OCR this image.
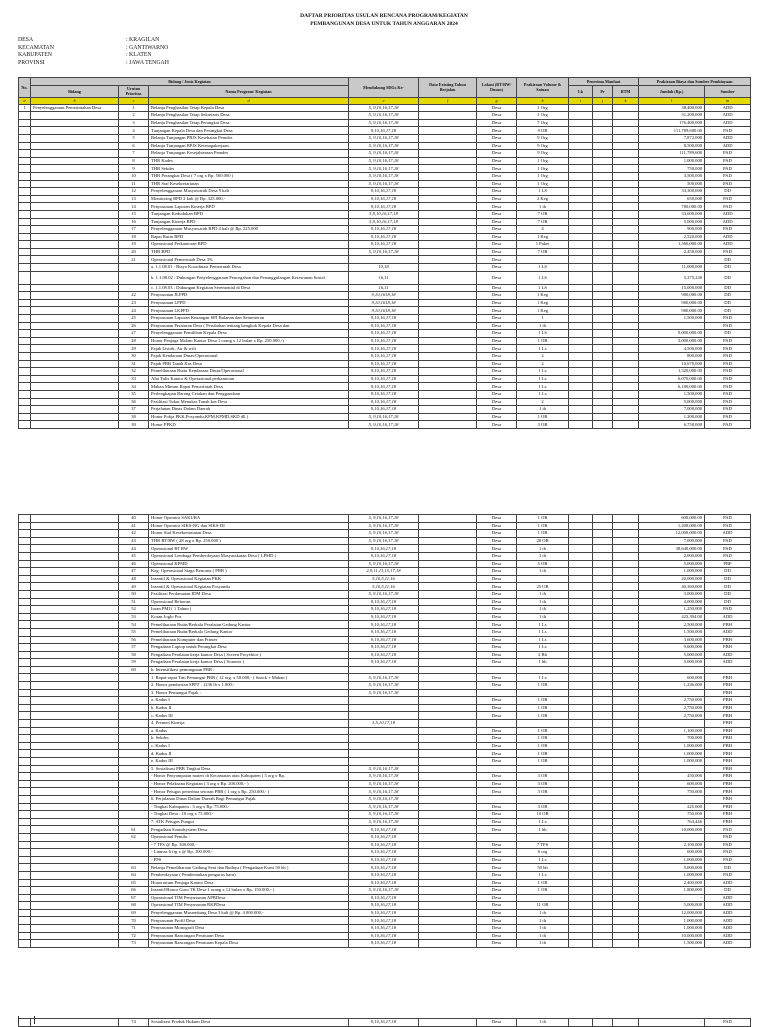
DAFTAR PRIORITAS USULAN RENCANA PROGRAM/KEGIATAN
PEMBANGUNAN DESA UNTUK TAHUN ANGGARAN 2024
DESA	: KRAGILAN
KECAMATAN	: GANTIWARNO
KABUPATEN	: KLATEN
PROVINSI	: JAWA TENGAH
No.	Bidang / Jenis Kegiatan			Mendukung SDGs Ke-	Data Existing Tahun Berjalan	Lokasi (RT/RW/ Dusun)	Prakiraan Volume & Satuan	Penerima Manfaat			Prakiraan Biaya dan Sumber Pembiayaan	
	Bidang	Urutan Prioritas	Nama Program/ Kegiatan					Lk	Pr	RTM	Jumlah (Rp.)	Sumber

a	b	c	d	e	f	g	h	i	j	k	l	m
1	Penyelenggaraan Pemerintahan Desa	1	Belanja Penghasilan Tetap Kepala Desa	5, 9,10,16,17,18		Desa	1 Org				38,400,000	ADD
		2	Belanja Penghasilan Tetap Sekretaris Desa	5, 9,10,16,17,18		Desa	1 Org				31,200,000	ADD
		3	Belanja Penghasilan Tetap Perangkat Desa	5, 9,10,16,17,18		Desa	7 Org				176,400,000	ADD
		4	Tunjangan Kepala Desa dan Perangkat Desa	9,10,16,17,18		Desa	9 OB				111,789,600.00	PAD
		5	Belanja Tunjangan PBJS Kesehatan Pemdes	5, 9,10,16,17,18		Desa	9 Org				7,872,000	ADD
		6	Belanja Tunjangan BPJS Ketenagakerjaan	5, 9,10,16,17,18		Desa	9 Org				8,500,000	ADD
		7	Belanja Tunjangan Kesejahteraan Pemdes	5, 9,10,16,17,18		Desa	9 Org				111,789,600	PAD
		8	THR Kades	5, 9,10,16,17,18		Desa	1 Org				1,000,000	PAD
		9	THR Sekdes	5, 9,10,16,17,18		Desa	1 Org				750,000	PAD
		10	THR Perangkat Desa ( 7 org x Rp. 500.000 )	5, 9,10,16,17,18		Desa	1 Org				3,500,000	PAD
		11	THR Staf Kesekretariatan	5, 9,10,16,17,18		Desa	1 Org				500,000	PAD
		12	Penyelenggaraan Musyawarah Desa 9 kali	9,10,16,17,18		Desa	1 LS				33,300,000	DD
		13	Monitoring BPD 2 kali @ Rp. 325.000,-	9,10,16,17,18		Desa	2 Keg				650,000	PAD
		14	Penyusunan Laporan Kinerja BPD	9,10,16,17,18		Desa	1 th				700,000.00	PAD
		15	Tunjangan Kedudukan BPD	5,9,10,16,17,18		Desa	7 OB				33,600,000	ADD
		16	Tunjangan Kinerja BPD	5,9,10,16,17,18		Desa	7 OB				5,000,000	ADD
		17	Penyelenggaraan Musyawarah BPD 4 kali @ Rp. 225.000	9,10,16,17,18		Desa	4				900,000	PAD
		18	Rapat Rutin BPD	9,10,16,17,18		Desa	1 Keg				2,520,000	ADD
		19	Operasional Perkantoran BPD	9,10,16,17,18		Desa	1 Paket				1,560,000.00	ADD
		20	THR BPD	5, 9,10,16,17,18		Desa	7 OB				2,450,000	PAD
		21	Operasional Pemerintah Desa 3%			Desa						DD
			a. 1.1.08.01 : Biaya Koordinasi Pemerintah Desa	10,18		Desa	1 LS				11,000,000	DD
			b. 1.1.08.02 : Dukungan Penyelenggaraan Pencegahan dan Penanggulangan Kerawanan Sosial	16,11		Desa	1 LS				5,275,240	DD
			c. 1.1.08.03 : Dukungan Kegiatan Seremonial di Desa	16,11		Desa	1 LS				15,000,000	DD
		22	Penyusunan JLPPD	9,10,1618,18		Desa	1 Keg				900,000.00	DD
		23	Penyusunan LPPD	9,10,1618,18		Desa	1 Keg				900,000.00	DD
		24	Penyusunan LKPPD	9,10,1618,18		Desa	1 Keg				900,000.00	DD
		25	Penyusunan Laporan Keuangan SPJ Bulanan dan Semesteran	9,10,16,17,18		Desa	1				1,500,000	PAD
		26	Penyusunan Peraturan Desa ( Perubahan tentang bengkok Kepala Desa dan	9,10,16,17,18		Desa	1 th				-	PAD
		27	Penyelenggaraan Pemilihan Kepala Desa	9,10,16,17,18		Desa	1 LS				9,000,000.00	DD
		28	Honor Penjaga Malam Kantor Desa 1 orang x 12 bulan x Rp. 250.000,-)	9,10,16,17,18		Desa	1 OB				3,000,000.00	PAD
		29	Pajak Listrik, Air & wifi	9,10,16,17,18		Desa	1 Ls				4,500,000	PAD
		30	Pajak Kendaraan Dinas/Operasional	9,10,16,17,18		Desa	2				800,000	PAD
		31	Pajak PBB Tanah Kas Desa	9,10,16,17,18		Desa	2				10,670,000	PAD
		32	Pemeliharaan Rutin Kendaraan Dinas/Operasional	9,10,16,17,18		Desa	1 Ls				1,320,000.00	PAD
		33	Alat Tulis Kantor & Operasional perkantoran	9,10,16,17,18		Desa	1 Ls				6,070,000.00	PAD
		34	Makan Minum Rapat Pemerintah Desa	9,10,16,17,18		Desa	1 Ls				6,180,000.00	PAD
		35	Perlengkapan Barang Cetakan dan Penggandaan	9,10,16,17,18		Desa	1 Ls				1,500,000	PAD
		36	Fasilitasi Tukar Menukar Tanah kas Desa	9,10,16,17,18		Desa	2				5,000,000	PAD
		37	Perjalanan Dinas Dalam Daerah	9,10,16,17,18		Desa	1 th				7,000,000	PAD
		38	Honor Pokja PKK,Posyandu,KPM,KPMD,SKD dll )	5, 9,10,16,17,18		Desa	1 OB				1,200,000	PAD
		39	Honor PPKD	5, 9,10,16,17,18		Desa	3 OB				6,750,000	PAD
		40	Honor Operator SAKURA	5, 9,10,16,17,18		Desa	1 OB				600,000.00	PAD
		41	Honor Operator SIKS-NG dan SIKS-DI	5, 9,10,16,17,18		Desa	1 OB				1,200,000.00	PAD
		42	Honor Staf Kesekretariatan Desa	5, 9,10,16,17,18		Desa	1 OB				12,000,000.00	ADD
		43	THR RT/RW ( 28 org x Rp. 250.000 )	5, 9,10,16,17,18		Desa	28 OB				7,000,000	PAD
		44	Operasional RT RW	9,10,16,17,18		Desa	1 th				38,640,000.00	PAD
		45	Operasional Lembaga Pemberdayaan Masyarakatan Desa ( LPMD )	9,10,16,17,18		Desa	1 th				2,000,000	PAD
		46	Operasional KPMD	5, 9,10,16,17,18		Desa	5 OB				5,000,000	PBP
		47	Keg. Operasional Siaga Bencana ( PBB )	2,9,11,13,15,17,18		Desa	1 th				1,000,000	DD
		48	Insentif & Operasional Kegiatan PKK	5,10,5,11,16		Desa					20,000,000	DD
		49	Insentif & Operasional Kegiatan Posyandu	5,10,5,11,16		Desa	25 OB				40,360,000	DD
		50	Fasilitasi Perdamaian IDM Desa	5, 9,10,16,17,18		Desa	1 th				3,000,000	DD
		51	Operasional Relawan	9,10,16,17,18		Desa	1 th				4,000,000	DD
		52	Iuran PMI ( 1 Tahun )	9,10,16,17,18		Desa	1 th				1,250,000	PAD
		53	Koran Joglo Pos	9,10,16,17,18		Desa	1 th				423,394.00	ADD
		54	Pemeliharaan Rutin/Berkala Peralatan Gedung Kantor	9,10,16,17,18		Desa	1 Ls				2,500,000	PBH
		55	Pemeliharaan Rutin/Berkala Gedung Kantor	9,10,16,17,18		Desa	1 Ls				1,500,000	ADD
		56	Pemeliharaan Komputer dan Printer	9,10,16,17,18		Desa	1 Ls				3,600,000	PBH
		57	Pengadaan Laptop untuk Perangkat Desa	9,10,16,17,18		Desa	1 Ls				9,600,000	PBH
		58	Pengadaan Peralatan kerja kantor Desa ( Screen Proyektor )	9,10,16,17,18		Desa	2 Bh				5,000,000	ADD
		59	Pengadaan Peralatan kerja kantor Desa ( Scanner )	9,10,16,17,18		Desa	1 bh				5,000,000	ADD
		60	b. Intensifikasi pemungutan PBB :									
			1. Rapat-rapat Tim Pemungut PBB ( 12 org. x 50.000,- ( Snack + Makan )	5, 9,10,16,17,18		Desa	1 Ls				600,000	PBH
			2. Honor pemberian SPPT : 1236 lb x 1.000,-	5, 9,10,16,17,18		Desa	1 OB				1,236,000	PBH
			3. Honor Pemungut Pajak :	5, 9,10,16,17,18								PBH
			a. Kadus I			Desa	1 OB				2,750,000	PBH
			b. Kadus II			Desa	1 OB				2,750,000	PBH
			c. Kadus III			Desa	1 OB				2,750,000	PBH
			4. Premen Kinerja	3,5,10,17,18								PBH
			a. Kadus			Desa	1 OB				1,100,000	PBH
			b. Sekdes			Desa	1 OB				700,000	PBH
			c. Kadus I			Desa	1 OB				1,000,000	PBH
			d. Kadus II			Desa	1 OB				1,000,000	PBH
			e. Kadus III			Desa	1 OB				1,000,000	PBH
			5. Sosialisasi PBB Tingkat Desa	5, 9,10,16,17,18								PBH
			- Honor Penyampaian materi di Kecamatan atau Kabupaten ( 3 org x Rp.	5, 9,10,16,17,18		Desa	3 OB				450,000	PBH
			- Honor Pelaksana Kegiatan ( 3 org x Rp. 200.000,- )	5, 9,10,16,17,18		Desa	3 OB				600,000	PBH
			- Honor Petugas penerima setoran PBB ( 1 org x Rp. 250.000,- )	5, 9,10,16,17,18		Desa	3 OB				750,000	PBH
			6. Perjalanan Dinas Dalam Daerah Bagi Pemungut Pajak	5, 9,10,16,17,18								PBH
			- Tingkat Kabupaten : 3 org x Rp. 75.000,-	5, 9,10,16,17,18		Desa	3 OB				225,000	PBH
			- Tingkat Desa : 10 org x 75.000,-	5, 9,10,16,17,18		Desa	10 OB				750,000	PBH
			7. ATK Petugas Pungut	5, 9,10,16,17,18		Desa	1 Ls				764,446	PBH
		61	Pengadaan Soundsystem Desa	9,10,16,17,18		Desa	1 bh				10,000,000	PAD
		62	Operasional Pemilu :	9,10,16,17,18								PAD
			- 7 TPS @ Rp. 300.000,-	9,10,16,17,18		Desa	7 TPS				2,100,000	PAD
			- Linmas 6 frg x @ Rp. 100.000,-	9,10,16,17,18		Desa	6 org				600,000	PAD
			- PPS	9,10,16,17,18		Desa	1 Ls				1,000,000	PAD
		63	Belanja Pemeliharaan Gedung Seni dan Budaya ( Pengadaan Kursi 50 bh )	9,10,16,17,18		Desa	50 bh				5,000,000	DD
		64	Pemberdayaan ( Pembentukan pengurus baru)	9,10,16,17,18		Desa	1 Ls				1,000,000	PAD
		65	Honorarium Penjaga Kantor Desa	9,10,16,17,18		Desa	1 OB				2,400,000	ADD
		66	Insentif/Honor Guru TK Desa 1 orang x 12 bulan x Rp. 150.000,- )	5, 9,10,16,17,18		Desa	1 OB				1,800,000	DD
		67	Operasional TIM Penyusunan APBDesa	9,10,16,17,18		Desa					-	ADD
		68	Operasional TIM Penyusunan RKPDesa	9,10,16,17,18		Desa	11 OB				5,000,000	ADD
		69	Penyelenggaraan Musrenbang Desa 3 kali @ Rp. 4.000.000,-	9,10,16,17,18		Desa	1 th				12,000,000	ADD
		70	Penyusunan Profil Desa	9,10,16,17,18		Desa	1 th				1,000,000	ADD
		71	Penyusunan Monografi Desa	9,10,16,17,18		Desa	1 th				1,000,000	ADD
		72	Penyusunan Rancangan Peraturan Desa	9,10,16,17,18		Desa	1 th				10,000,000	ADD
		73	Penyusunan Rancangan Peraturan Kepala Desa	9,10,16,17,18		Desa	1 th				1,500,000	ADD
		74	Sosialisasi Produk Hukum Desa	9,10,16,17,18		Desa	1 th				-	PAD
